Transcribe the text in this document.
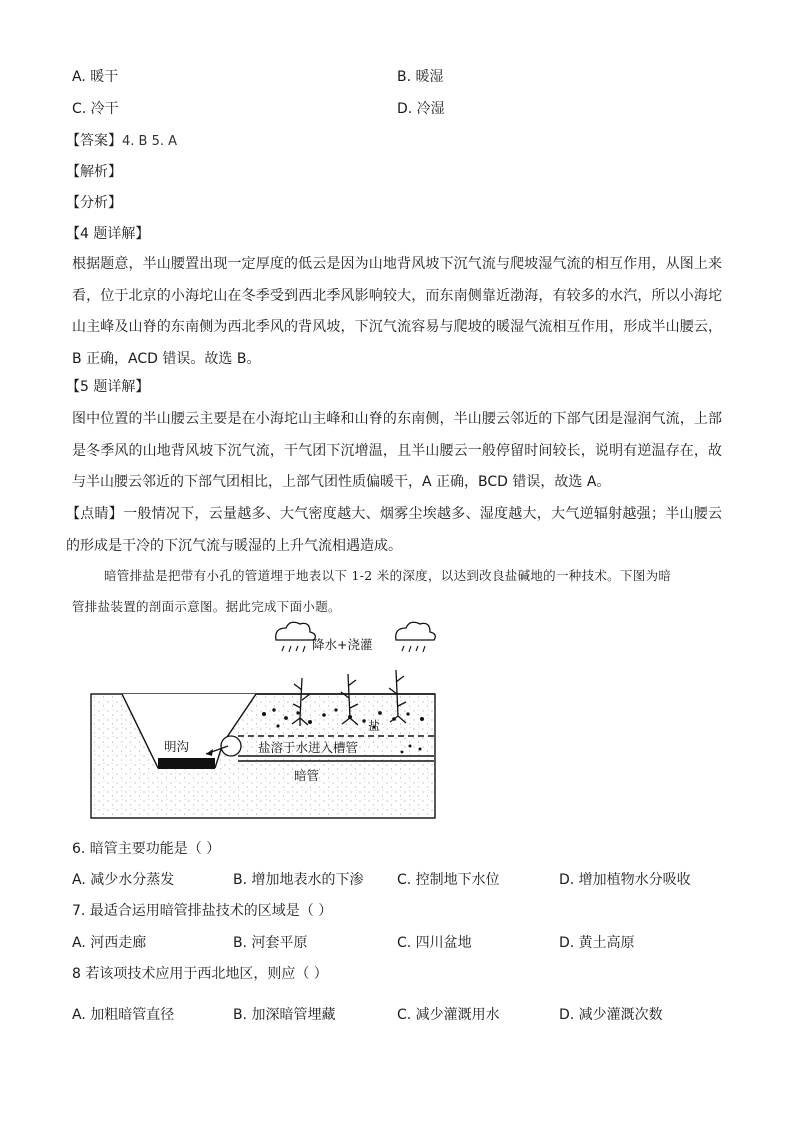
A. 暖干	B. 暖湿
C. 冷干	D. 冷湿
【答案】4. B 5. A
【解析】
【分析】
【4 题详解】
根据题意，半山腰置出现一定厚度的低云是因为山地背风坡下沉气流与爬坡湿气流的相互作用，从图上来看，位于北京的小海坨山在冬季受到西北季风影响较大，而东南侧靠近渤海，有较多的水汽，所以小海坨山主峰及山脊的东南侧为西北季风的背风坡，下沉气流容易与爬坡的暖湿气流相互作用，形成半山腰云，B 正确，ACD 错误。故选 B。
【5 题详解】
图中位置的半山腰云主要是在小海坨山主峰和山脊的东南侧，半山腰云邻近的下部气团是湿润气流，上部是冬季风的山地背风坡下沉气流，干气团下沉增温，且半山腰云一般停留时间较长，说明有逆温存在，故与半山腰云邻近的下部气团相比，上部气团性质偏暖干，A 正确，BCD 错误，故选 A。
【点睛】一般情况下，云量越多、大气密度越大、烟雾尘埃越多、湿度越大，大气逆辐射越强；半山腰云的形成是干冷的下沉气流与暖湿的上升气流相遇造成。
暗管排盐是把带有小孔的管道埋于地表以下 1-2 米的深度，以达到改良盐碱地的一种技术。下图为暗
管排盐装置的剖面示意图。据此完成下面小题。
降水+浇灌
明沟	盐溶于水进入槽管
暗管
盐
6. 暗管主要功能是（ ）
A. 减少水分蒸发	B. 增加地表水的下渗 C. 控制地下水位	D. 增加植物水分吸收
7. 最适合运用暗管排盐技术的区域是（ ）
A. 河西走廊	B. 河套平原	C. 四川盆地	D. 黄土高原
8 若该项技术应用于西北地区，则应（ ）
A. 加粗暗管直径	B. 加深暗管埋藏	C. 减少灌溉用水	D. 减少灌溉次数
